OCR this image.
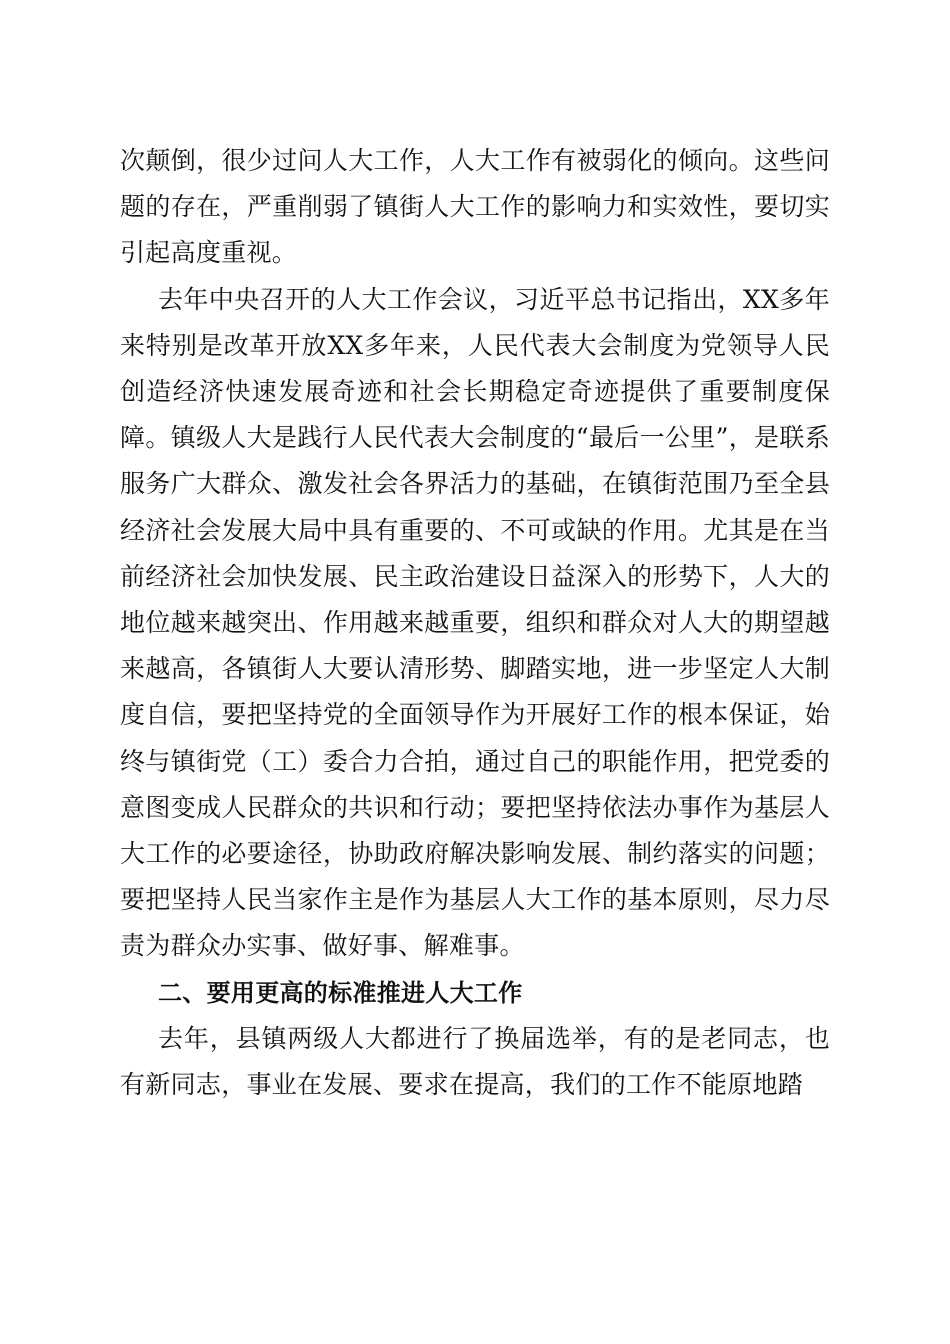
次颠倒，很少过问人大工作，人大工作有被弱化的倾向。这些问题的存在，严重削弱了镇街人大工作的影响力和实效性，要切实引起高度重视。

去年中央召开的人大工作会议，习近平总书记指出，XX多年来特别是改革开放XX多年来，人民代表大会制度为党领导人民创造经济快速发展奇迹和社会长期稳定奇迹提供了重要制度保障。镇级人大是践行人民代表大会制度的“最后一公里”，是联系服务广大群众、激发社会各界活力的基础，在镇街范围乃至全县经济社会发展大局中具有重要的、不可或缺的作用。尤其是在当前经济社会加快发展、民主政治建设日益深入的形势下，人大的地位越来越突出、作用越来越重要，组织和群众对人大的期望越来越高，各镇街人大要认清形势、脚踏实地，进一步坚定人大制度自信，要把坚持党的全面领导作为开展好工作的根本保证，始终与镇街党（工）委合力合拍，通过自己的职能作用，把党委的意图变成人民群众的共识和行动；要把坚持依法办事作为基层人大工作的必要途径，协助政府解决影响发展、制约落实的问题；要把坚持人民当家作主是作为基层人大工作的基本原则，尽力尽责为群众办实事、做好事、解难事。

二、要用更高的标准推进人大工作

去年，县镇两级人大都进行了换届选举，有的是老同志，也有新同志，事业在发展、要求在提高，我们的工作不能原地踏
